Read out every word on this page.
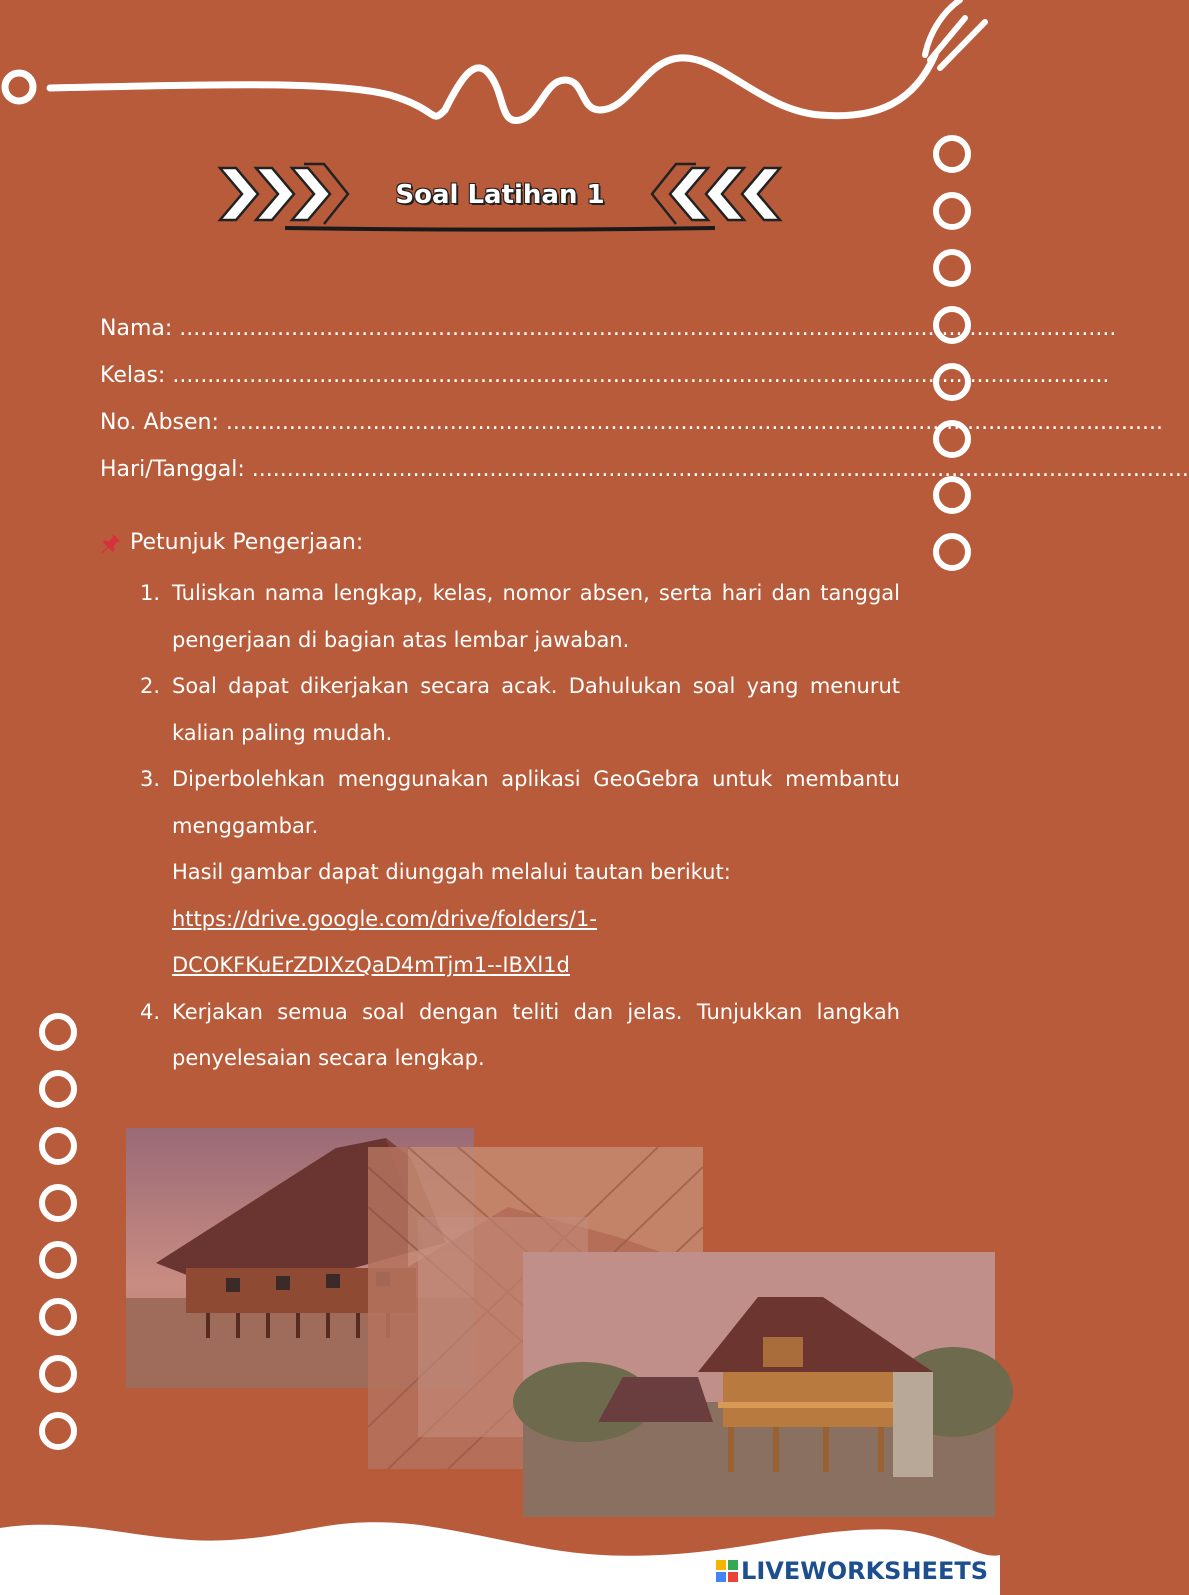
Soal Latihan 1
Nama :
......................................................................................................................................
Kelas :
......................................................................................................................................
No. Absen :
......................................................................................................................................
Hari/Tanggal :
......................................................................................................................................
Petunjuk Pengerjaan:
1. Tuliskan nama lengkap, kelas, nomor absen, serta hari dan tanggal pengerjaan di bagian atas lembar jawaban.
2. Soal dapat dikerjakan secara acak. Dahulukan soal yang menurut kalian paling mudah.
3. Diperbolehkan menggunakan aplikasi GeoGebra untuk membantu menggambar.
Hasil gambar dapat diunggah melalui tautan berikut:
https://drive.google.com/drive/folders/1-
DCOKFKuErZDIXzQaD4mTjm1--IBXl1d
4. Kerjakan semua soal dengan teliti dan jelas. Tunjukkan langkah penyelesaian secara lengkap.
LIVEWORKSHEETS
